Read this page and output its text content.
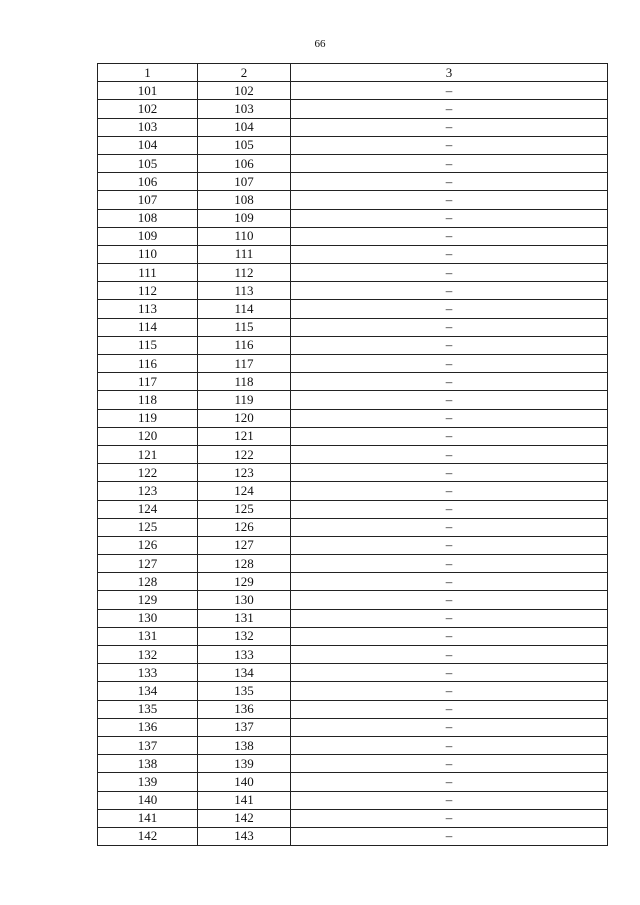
66
1	2	3
101	102	–
102	103	–
103	104	–
104	105	–
105	106	–
106	107	–
107	108	–
108	109	–
109	110	–
110	111	–
111	112	–
112	113	–
113	114	–
114	115	–
115	116	–
116	117	–
117	118	–
118	119	–
119	120	–
120	121	–
121	122	–
122	123	–
123	124	–
124	125	–
125	126	–
126	127	–
127	128	–
128	129	–
129	130	–
130	131	–
131	132	–
132	133	–
133	134	–
134	135	–
135	136	–
136	137	–
137	138	–
138	139	–
139	140	–
140	141	–
141	142	–
142	143	–
